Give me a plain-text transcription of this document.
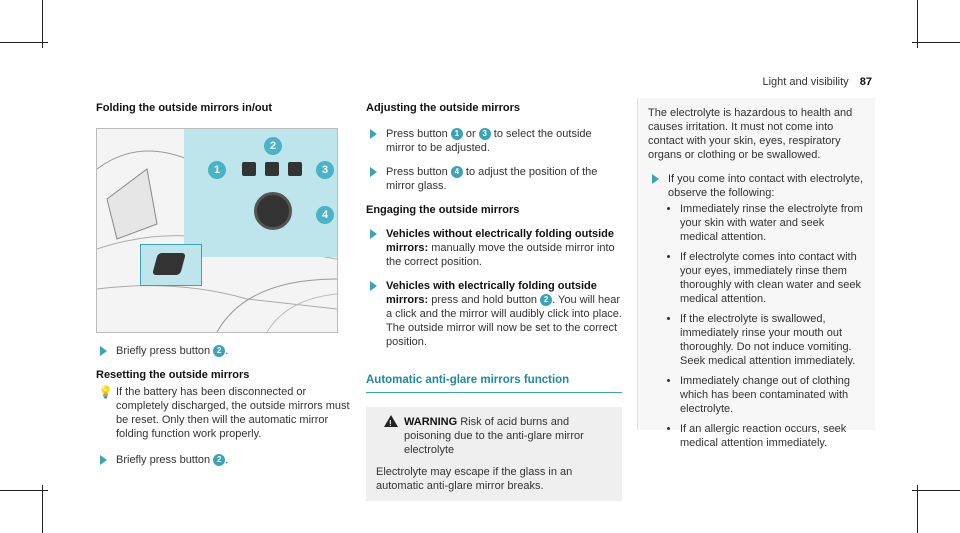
Light and visibility 87
Folding the outside mirrors in/out
1
2
3
4
Briefly press button 2 .
Resetting the outside mirrors
💡 If the battery has been disconnected or completely discharged, the outside mirrors must be reset. Only then will the automatic mirror folding function work properly.

Briefly press button 2 .
Adjusting the outside mirrors
Press button 1 or 3 to select the outside mirror to be adjusted.
Press button 4 to adjust the position of the mirror glass.
Engaging the outside mirrors
Vehicles without electrically folding outside mirrors: manually move the outside mirror into the correct position.
Vehicles with electrically folding outside mirrors: press and hold button 2 . You will hear a click and the mirror will audibly click into place. The outside mirror will now be set to the correct position.

Automatic anti-glare mirrors function

!
WARNING Risk of acid burns and poisoning due to the anti-glare mirror electrolyte

Electrolyte may escape if the glass in an automatic anti-glare mirror breaks.

The electrolyte is hazardous to health and causes irritation. It must not come into contact with your skin, eyes, respiratory organs or clothing or be swallowed.

If you come into contact with electrolyte, observe the following:
• Immediately rinse the electrolyte from your skin with water and seek medical attention.
• If electrolyte comes into contact with your eyes, immediately rinse them thoroughly with clean water and seek medical attention.
• If the electrolyte is swallowed, immediately rinse your mouth out thoroughly. Do not induce vomiting. Seek medical attention immediately.
• Immediately change out of clothing which has been contaminated with electrolyte.
• If an allergic reaction occurs, seek medical attention immediately.
